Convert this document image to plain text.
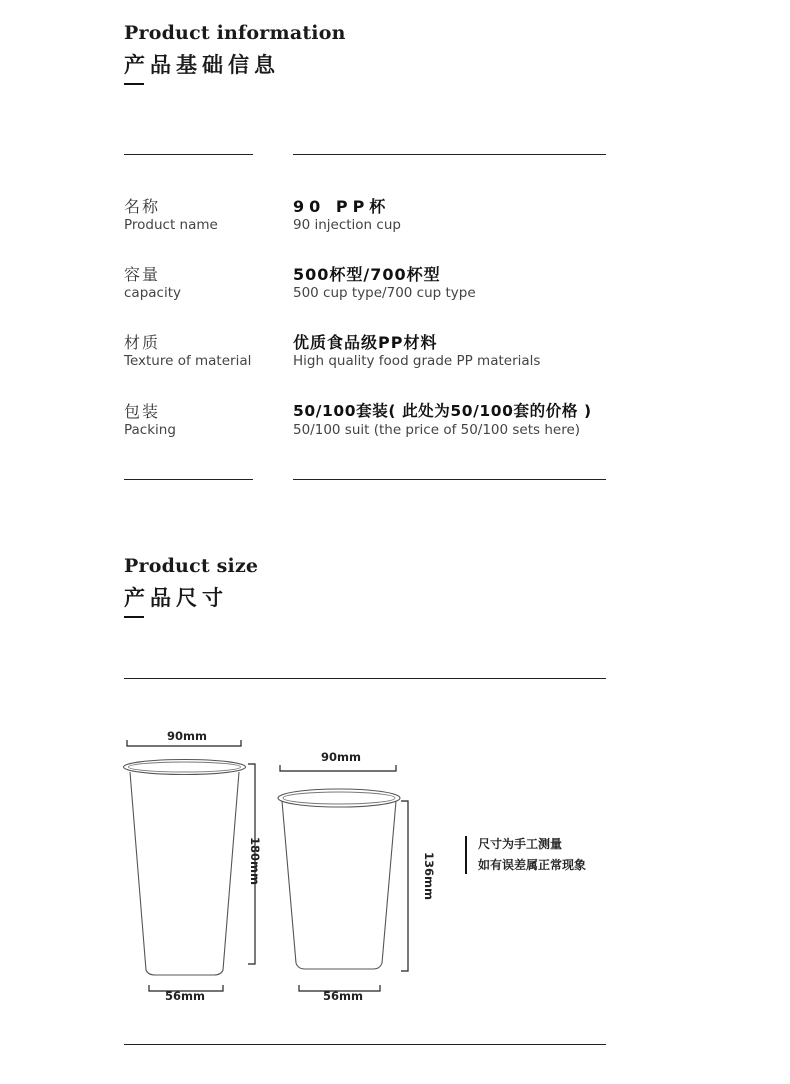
Product information
产品基础信息
名称
Product name
90 PP杯
90 injection cup
容量
capacity
500杯型/700杯型
500 cup type/700 cup type
材质
Texture of material
优质食品级PP材料
High quality food grade PP materials
包装
Packing
50/100套装( 此处为50/100套的价格 )
50/100 suit (the price of 50/100 sets here)
Product size
产品尺寸
90mm
180mm
56mm
90mm
136mm
56mm
尺寸为手工测量
如有误差属正常现象
